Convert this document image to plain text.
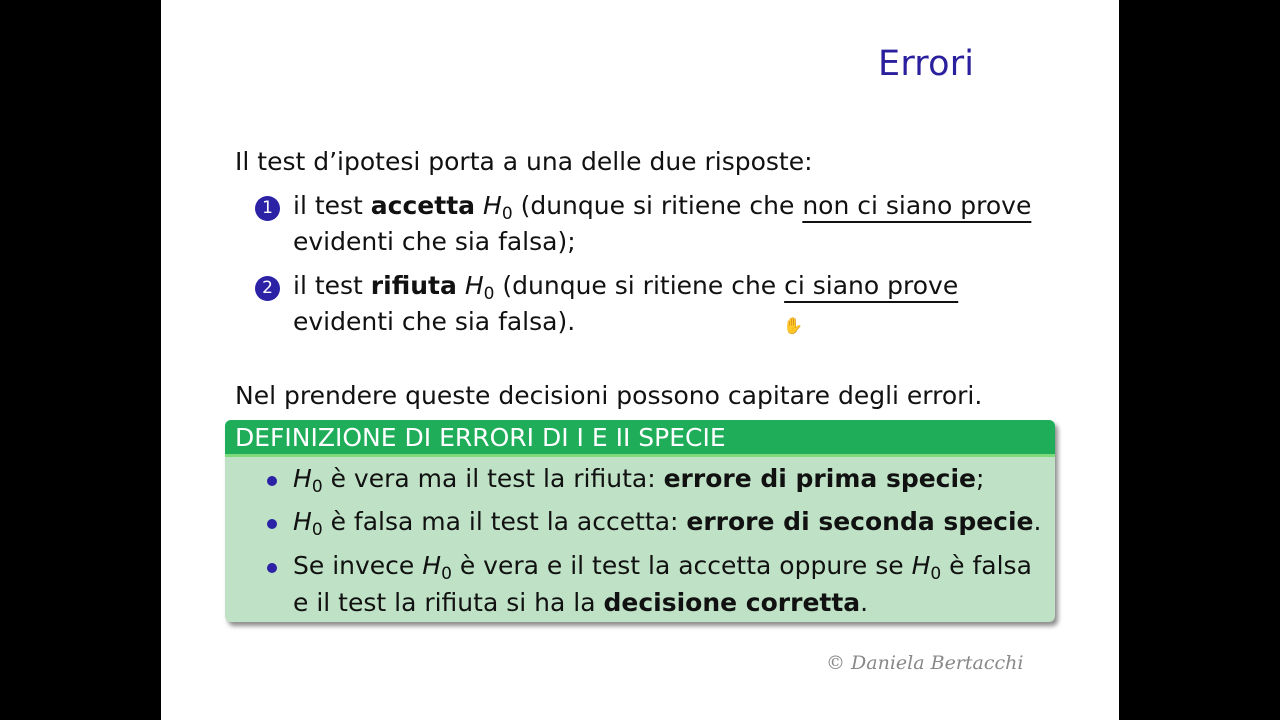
Errori
Il test d’ipotesi porta a una delle due risposte:
1 il test accetta $H_0$ (dunque si ritiene che non ci siano prove
evidenti che sia falsa);
2 il test rifiuta $H_0$ (dunque si ritiene che ci siano prove
evidenti che sia falsa).	✋
Nel prendere queste decisioni possono capitare degli errori.
DEFINIZIONE DI ERRORI DI I E II SPECIE
$H_0$ è vera ma il test la rifiuta: errore di prima specie;
$H_0$ è falsa ma il test la accetta: errore di seconda specie.
Se invece $H_0$ è vera e il test la accetta oppure se $H_0$ è falsa
e il test la rifiuta si ha la decisione corretta.
© Daniela Bertacchi
